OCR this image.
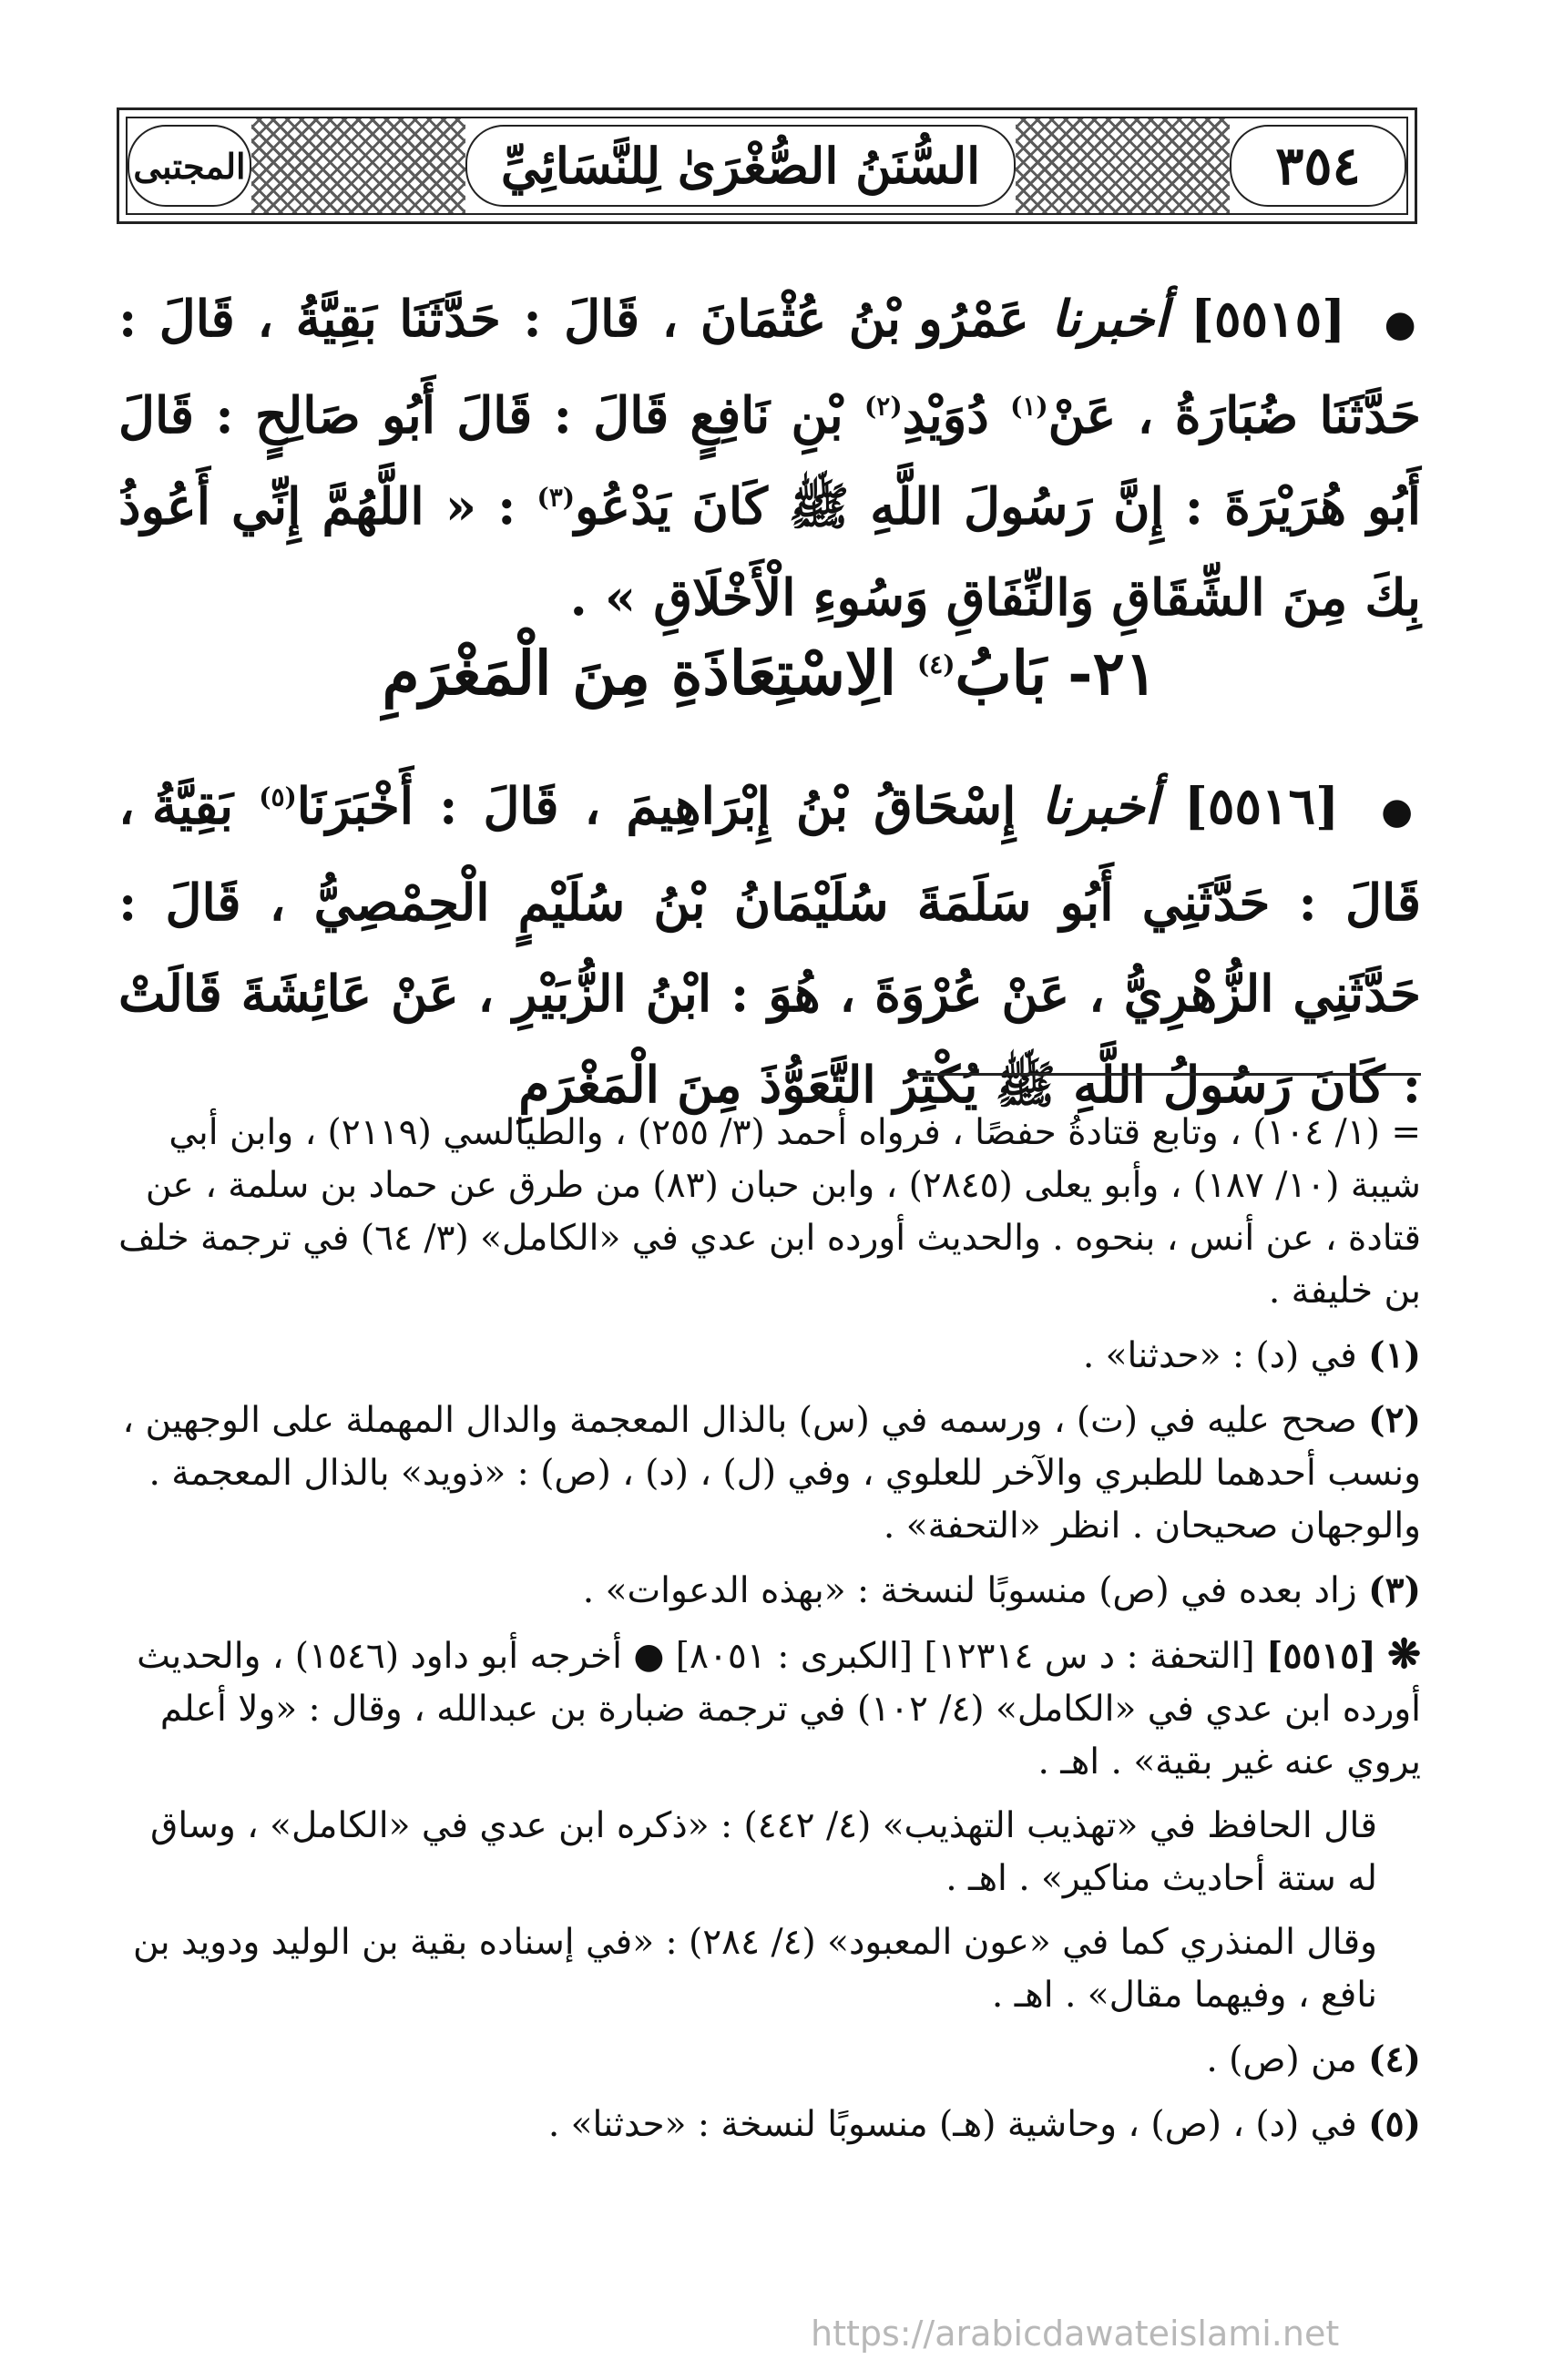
٣٥٤
السُّنَنُ الصُّغْرَىٰ لِلنَّسَائِيِّ
المجتبى

● [٥٥١٥] أخبرنا عَمْرُو بْنُ عُثْمَانَ ، قَالَ : حَدَّثَنَا بَقِيَّةُ ، قَالَ : حَدَّثَنَا ضُبَارَةُ ، عَنْ$^{(١)}$ دُوَيْدِ$^{(٢)}$ بْنِ نَافِعٍ قَالَ : قَالَ أَبُو صَالِحٍ : قَالَ أَبُو هُرَيْرَةَ : إِنَّ رَسُولَ اللَّهِ ﷺ كَانَ يَدْعُو$^{(٣)}$ : « اللَّهُمَّ إِنِّي أَعُوذُ بِكَ مِنَ الشِّقَاقِ وَالنِّفَاقِ وَسُوءِ الْأَخْلَاقِ » .

٢١- بَابُ$^{(٤)}$ الِاسْتِعَاذَةِ مِنَ الْمَغْرَمِ

● [٥٥١٦] أخبرنا إِسْحَاقُ بْنُ إِبْرَاهِيمَ ، قَالَ : أَخْبَرَنَا$^{(٥)}$ بَقِيَّةُ ، قَالَ : حَدَّثَنِي أَبُو سَلَمَةَ سُلَيْمَانُ بْنُ سُلَيْمٍ الْحِمْصِيُّ ، قَالَ : حَدَّثَنِي الزُّهْرِيُّ ، عَنْ عُرْوَةَ ، هُوَ : ابْنُ الزُّبَيْرِ ، عَنْ عَائِشَةَ قَالَتْ : كَانَ رَسُولُ اللَّهِ ﷺ يُكْثِرُ التَّعَوُّذَ مِنَ الْمَغْرَمِ

= (١/ ١٠٤) ، وتابع قتادةُ حفصًا ، فرواه أحمد (٣/ ٢٥٥) ، والطيالسي (٢١١٩) ، وابن أبي شيبة (١٠/ ١٨٧) ، وأبو يعلى (٢٨٤٥) ، وابن حبان (٨٣) من طرق عن حماد بن سلمة ، عن قتادة ، عن أنس ، بنحوه . والحديث أورده ابن عدي في «الكامل» (٣/ ٦٤) في ترجمة خلف بن خليفة .

(١) في (د) : «حدثنا» .

(٢) صحح عليه في (ت) ، ورسمه في (س) بالذال المعجمة والدال المهملة على الوجهين ، ونسب أحدهما للطبري والآخر للعلوي ، وفي (ل) ، (د) ، (ص) : «ذويد» بالذال المعجمة . والوجهان صحيحان . انظر «التحفة» .

(٣) زاد بعده في (ص) منسوبًا لنسخة : «بهذه الدعوات» .

❋ [٥٥١٥] [التحفة : د س ١٢٣١٤] [الكبرى : ٨٠٥١] ● أخرجه أبو داود (١٥٤٦) ، والحديث أورده ابن عدي في «الكامل» (٤/ ١٠٢) في ترجمة ضبارة بن عبدالله ، وقال : «ولا أعلم يروي عنه غير بقية» . اهـ .

قال الحافظ في «تهذيب التهذيب» (٤/ ٤٤٢) : «ذكره ابن عدي في «الكامل» ، وساق له ستة أحاديث مناكير» . اهـ .

وقال المنذري كما في «عون المعبود» (٤/ ٢٨٤) : «في إسناده بقية بن الوليد ودويد بن نافع ، وفيهما مقال» . اهـ .

(٤) من (ص) .

(٥) في (د) ، (ص) ، وحاشية (هـ) منسوبًا لنسخة : «حدثنا» .

https://arabicdawateislami.net
